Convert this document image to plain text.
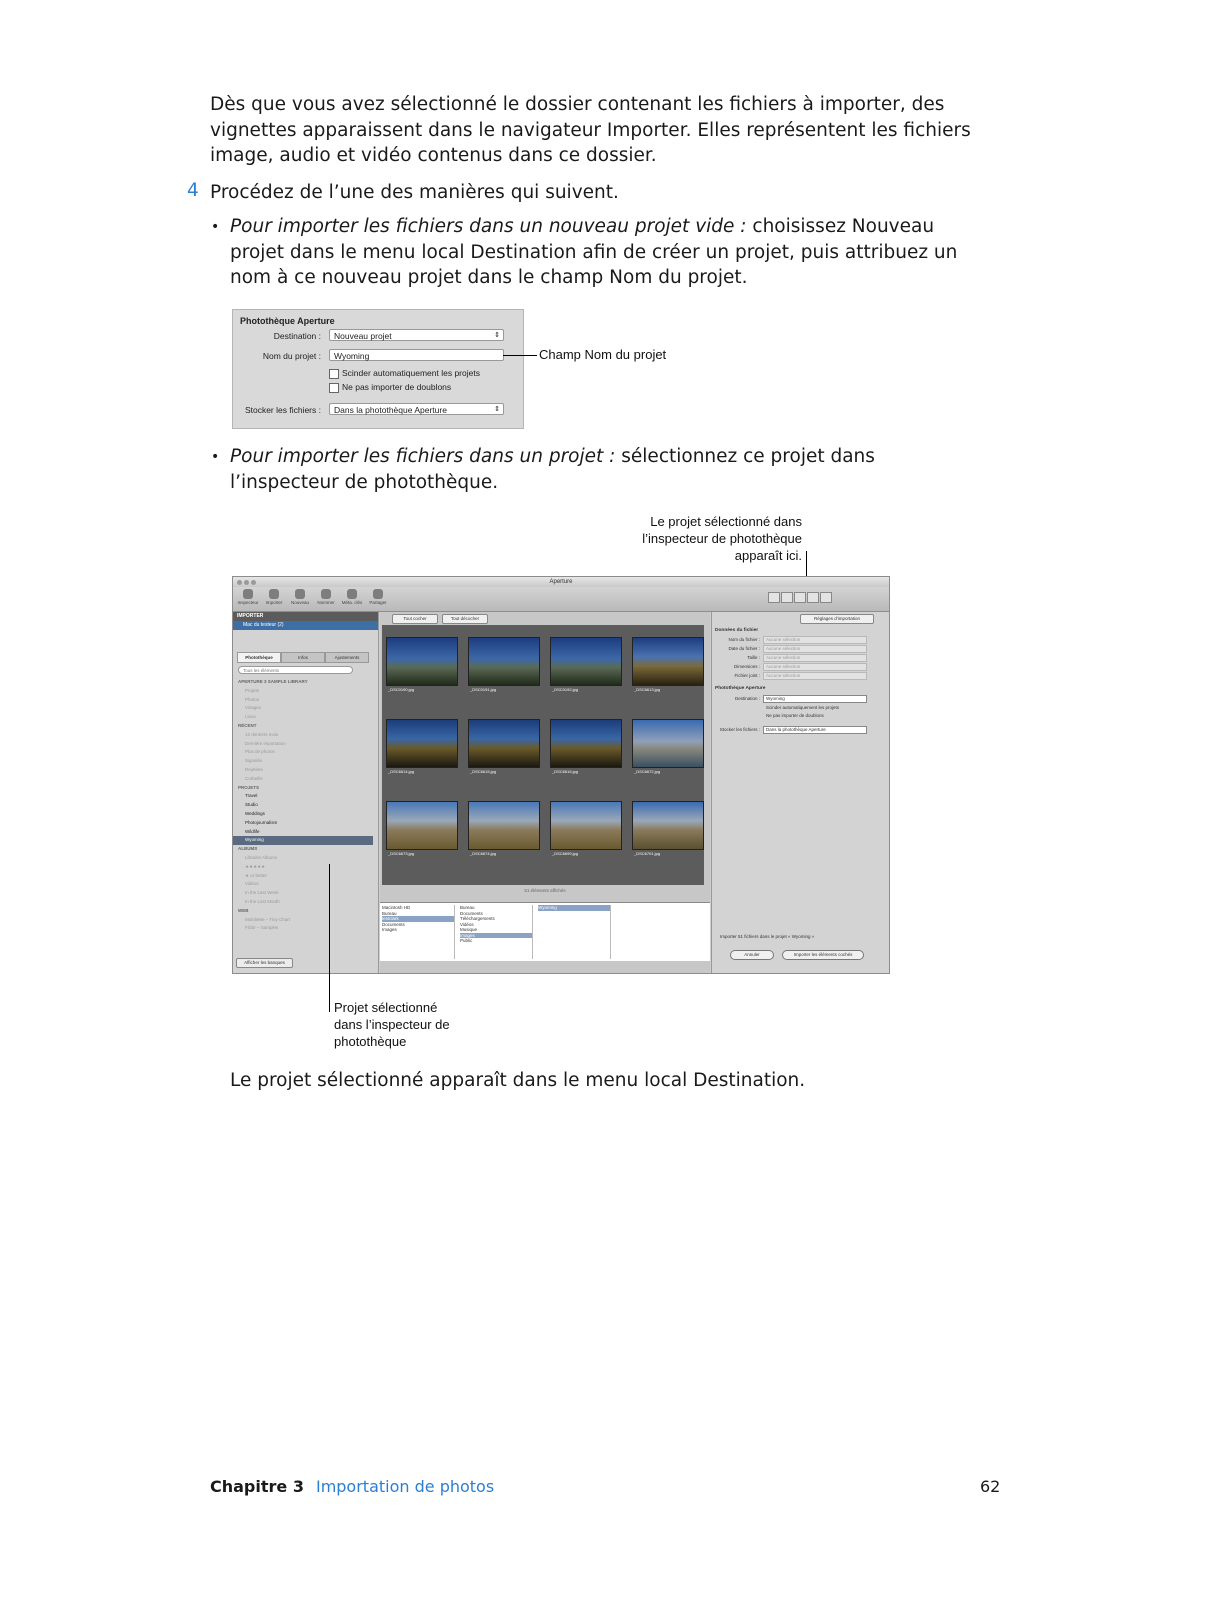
Dès que vous avez sélectionné le dossier contenant les fichiers à importer, des vignettes apparaissent dans le navigateur Importer. Elles représentent les fichiers image, audio et vidéo contenus dans ce dossier.

4 Procédez de l’une des manières qui suivent.

• Pour importer les fichiers dans un nouveau projet vide : choisissez Nouveau projet dans le menu local Destination afin de créer un projet, puis attribuez un nom à ce nouveau projet dans le champ Nom du projet.

Photothèque Aperture
Destination :	Nouveau projet	⇕
Nom du projet :	Wyoming
Scinder automatiquement les projets
Ne pas importer de doublons
Stocker les fichiers :	Dans la photothèque Aperture	⇕
Champ Nom du projet
• Pour importer les fichiers dans un projet : sélectionnez ce projet dans l’inspecteur de photothèque.

Le projet sélectionné dans
l’inspecteur de photothèque
apparaît ici.
Aperture
Inspecteur	Importer	Nouveau	Nommer	Méta. clés	Partager
IMPORTER
Mac du testeur (2)
Photothèque	Infos	Ajustements
Tous les éléments
APERTURE 3 SAMPLE LIBRARY
Projets
Photos
Visages
Lieux
RÉCENT
12 derniers mois
Dernière importation
Plus de photos
Signalés
Rejetées
Corbeille
PROJETS
Travel
Studio
Weddings
Photojournalism
Wildlife
Wyoming
ALBUMS
Librairie Albums
★★★★★
★ or better
Vidéos
In the Last Week
In the Last Month
WEB
MobileMe – Tiny Chart
Flickr – Samples
Afficher les banques
Tout cocher	Tout décocher
_DSC0190.jpg	_DSC0191.jpg	_DSC0192.jpg	_DSC6613.jpg
_DSC6614.jpg	_DSC6615.jpg	_DSC6616.jpg	_DSC6672.jpg
_DSC6673.jpg	_DSC6674.jpg	_DSC6699.jpg	_DSC6701.jpg
51 éléments affichés
Macintosh HD
Bureau
testclark
Documents
Images
Bureau
Documents
Téléchargements
Vidéos
Musique
Images
Public
Wyoming
Réglages d’importation
Données du fichier
Nom du fichier : Aucune sélection
Date du fichier : Aucune sélection
Taille : Aucune sélection
Dimensions : Aucune sélection
Fichier joint : Aucune sélection
Photothèque Aperture
Destination : Wyoming
Scinder automatiquement les projets
Ne pas importer de doublons
Stocker les fichiers : Dans la photothèque Aperture
Importer 51 fichiers dans le projet « Wyoming »
Annuler	Importer les éléments cochés
Projet sélectionné
dans l’inspecteur de
photothèque

Le projet sélectionné apparaît dans le menu local Destination.

Chapitre 3 Importation de photos	62
